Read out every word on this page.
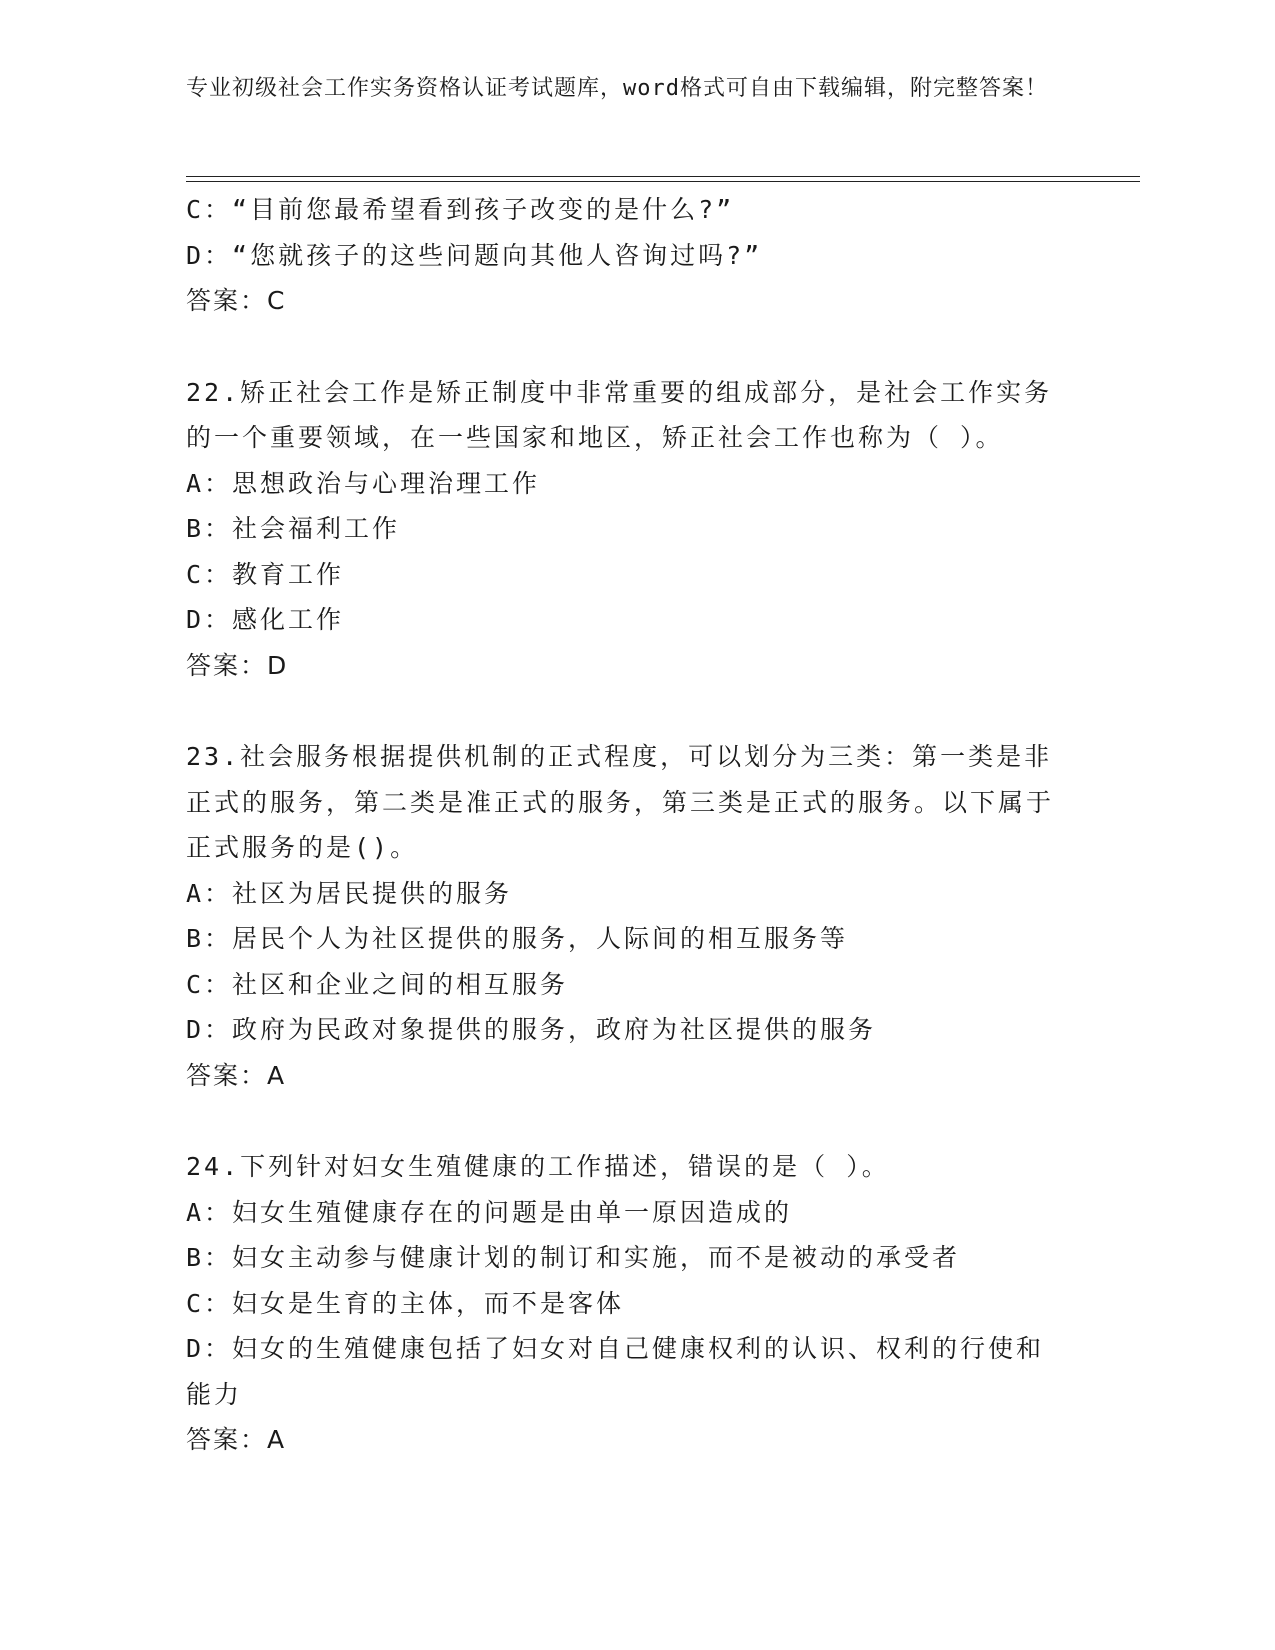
专业初级社会工作实务资格认证考试题库，word格式可自由下载编辑，附完整答案！
C：“目前您最希望看到孩子改变的是什么?”
D：“您就孩子的这些问题向其他人咨询过吗?”
答案：C
22.矫正社会工作是矫正制度中非常重要的组成部分，是社会工作实务的一个重要领域，在一些国家和地区，矫正社会工作也称为（ ）。
A：思想政治与心理治理工作
B：社会福利工作
C：教育工作
D：感化工作
答案：D
23.社会服务根据提供机制的正式程度，可以划分为三类：第一类是非正式的服务，第二类是准正式的服务，第三类是正式的服务。以下属于正式服务的是()。
A：社区为居民提供的服务
B：居民个人为社区提供的服务，人际间的相互服务等
C：社区和企业之间的相互服务
D：政府为民政对象提供的服务，政府为社区提供的服务
答案：A
24.下列针对妇女生殖健康的工作描述，错误的是（ ）。
A：妇女生殖健康存在的问题是由单一原因造成的
B：妇女主动参与健康计划的制订和实施，而不是被动的承受者
C：妇女是生育的主体，而不是客体
D：妇女的生殖健康包括了妇女对自己健康权利的认识、权利的行使和能力
答案：A
